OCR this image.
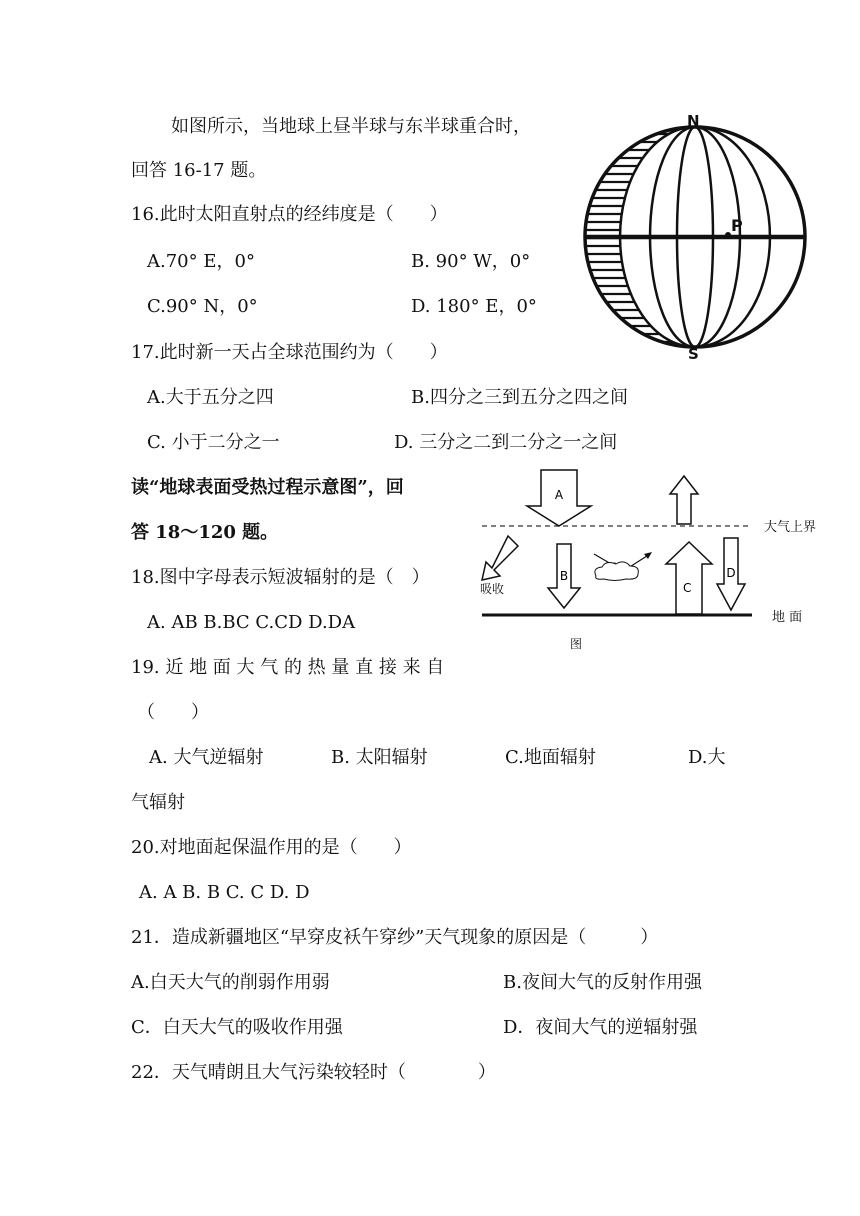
如图所示，当地球上昼半球与东半球重合时，
回答 16-17 题。
P
N
S
16.此时太阳直射点的经纬度是（　　）
A.70° E，0°	B. 90° W，0°
C.90° N，0°	D. 180° E，0°
17.此时新一天占全球范围约为（　　）
A.大于五分之四	B.四分之三到五分之四之间
C. 小于二分之一	D. 三分之二到二分之一之间
读“地球表面受热过程示意图”，回
答 18～120 题。
A
B
吸收	C
D
大气上界
地 面
图
18.图中字母表示短波辐射的是（　）
A. AB B.BC C.CD D.DA
19. 近 地 面 大 气 的 热 量 直 接 来 自
（　　）
A. 大气逆辐射	B. 太阳辐射	C.地面辐射	D.大
气辐射
20.对地面起保温作用的是（　　）
A. A B. B C. C D. D
21．造成新疆地区“早穿皮袄午穿纱”天气现象的原因是（　　　）
A.白天大气的削弱作用弱	B.夜间大气的反射作用强
C．白天大气的吸收作用强	D．夜间大气的逆辐射强
22．天气晴朗且大气污染较轻时（　　　　）
